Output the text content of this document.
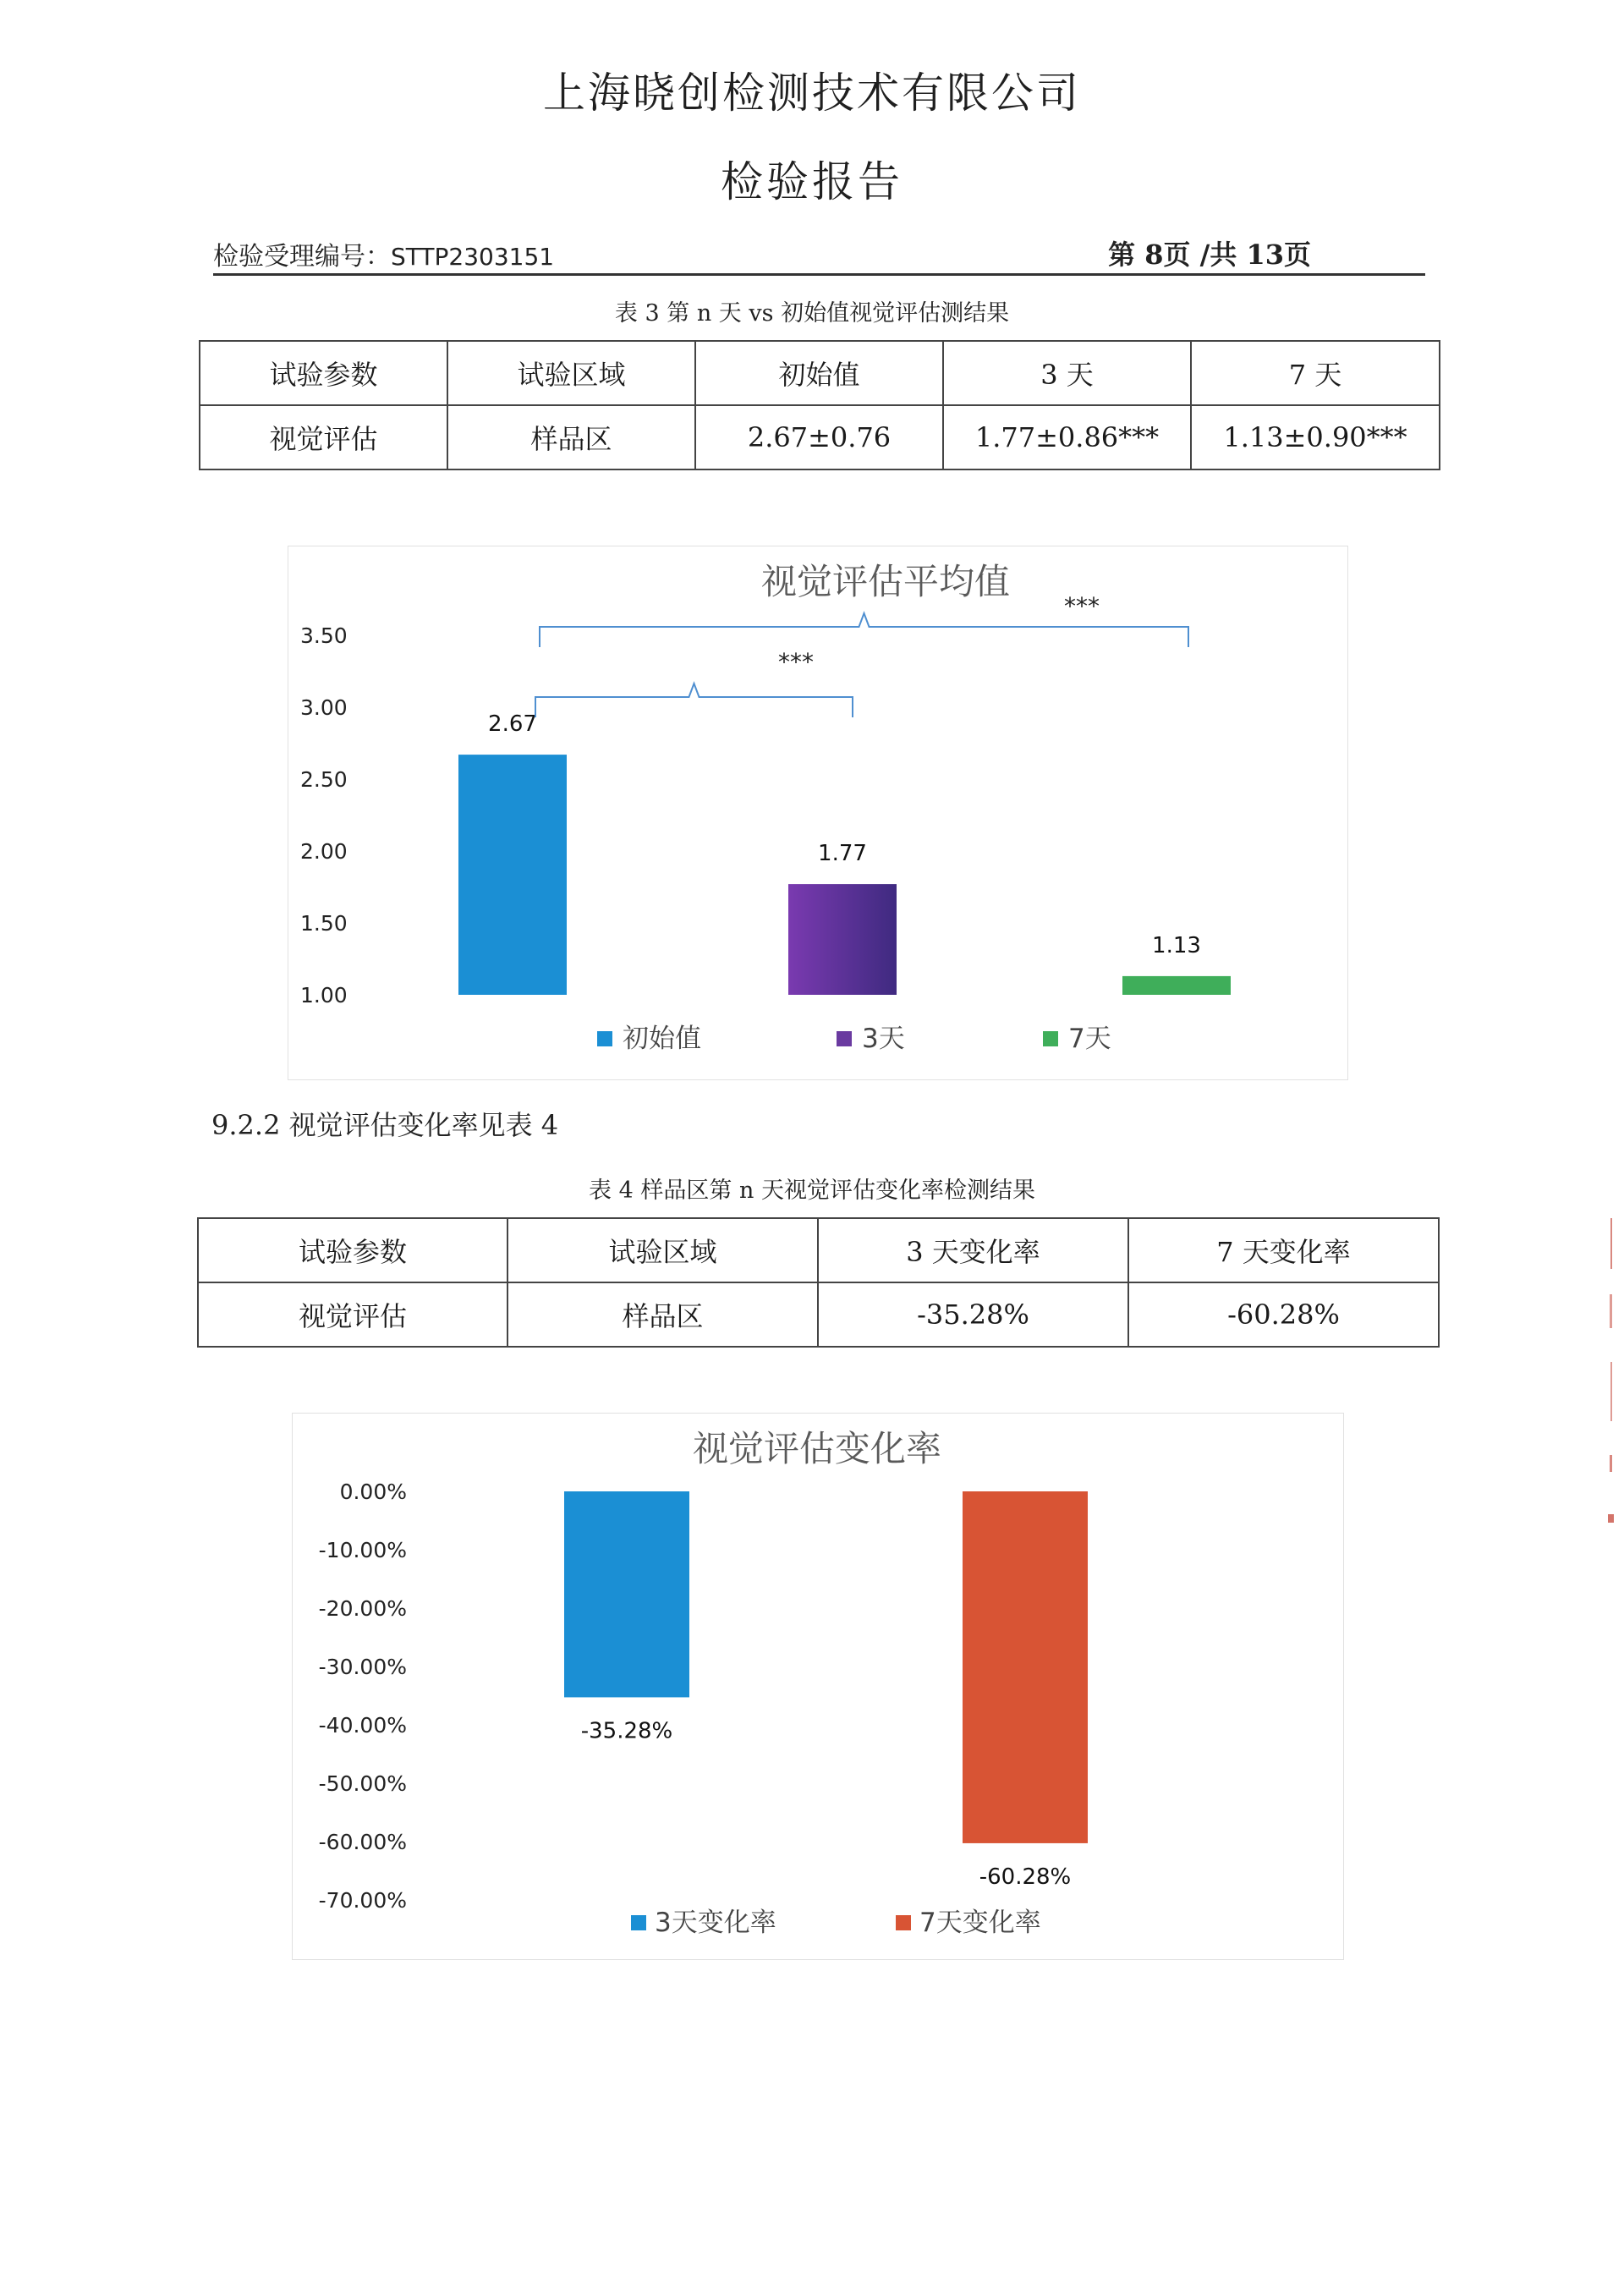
上海晓创检测技术有限公司
检验报告
检验受理编号：STTP2303151	第 8页 /共 13页
表 3 第 n 天 vs 初始值视觉评估测结果
试验参数	试验区域	初始值	3 天	7 天
视觉评估	样品区	2.67±0.76	1.77±0.86***	1.13±0.90***
视觉评估平均值
1.00
1.50
2.00
2.50
3.00
3.50
2.67
1.77
1.13
***
***
初始值	3天	7天
9.2.2 视觉评估变化率见表 4
表 4 样品区第 n 天视觉评估变化率检测结果
试验参数	试验区域	3 天变化率	7 天变化率
视觉评估	样品区	-35.28%	-60.28%
视觉评估变化率
0.00%
-10.00%
-20.00%
-30.00%
-40.00%
-50.00%
-60.00%
-70.00%
-35.28%
-60.28%
3天变化率	7天变化率
